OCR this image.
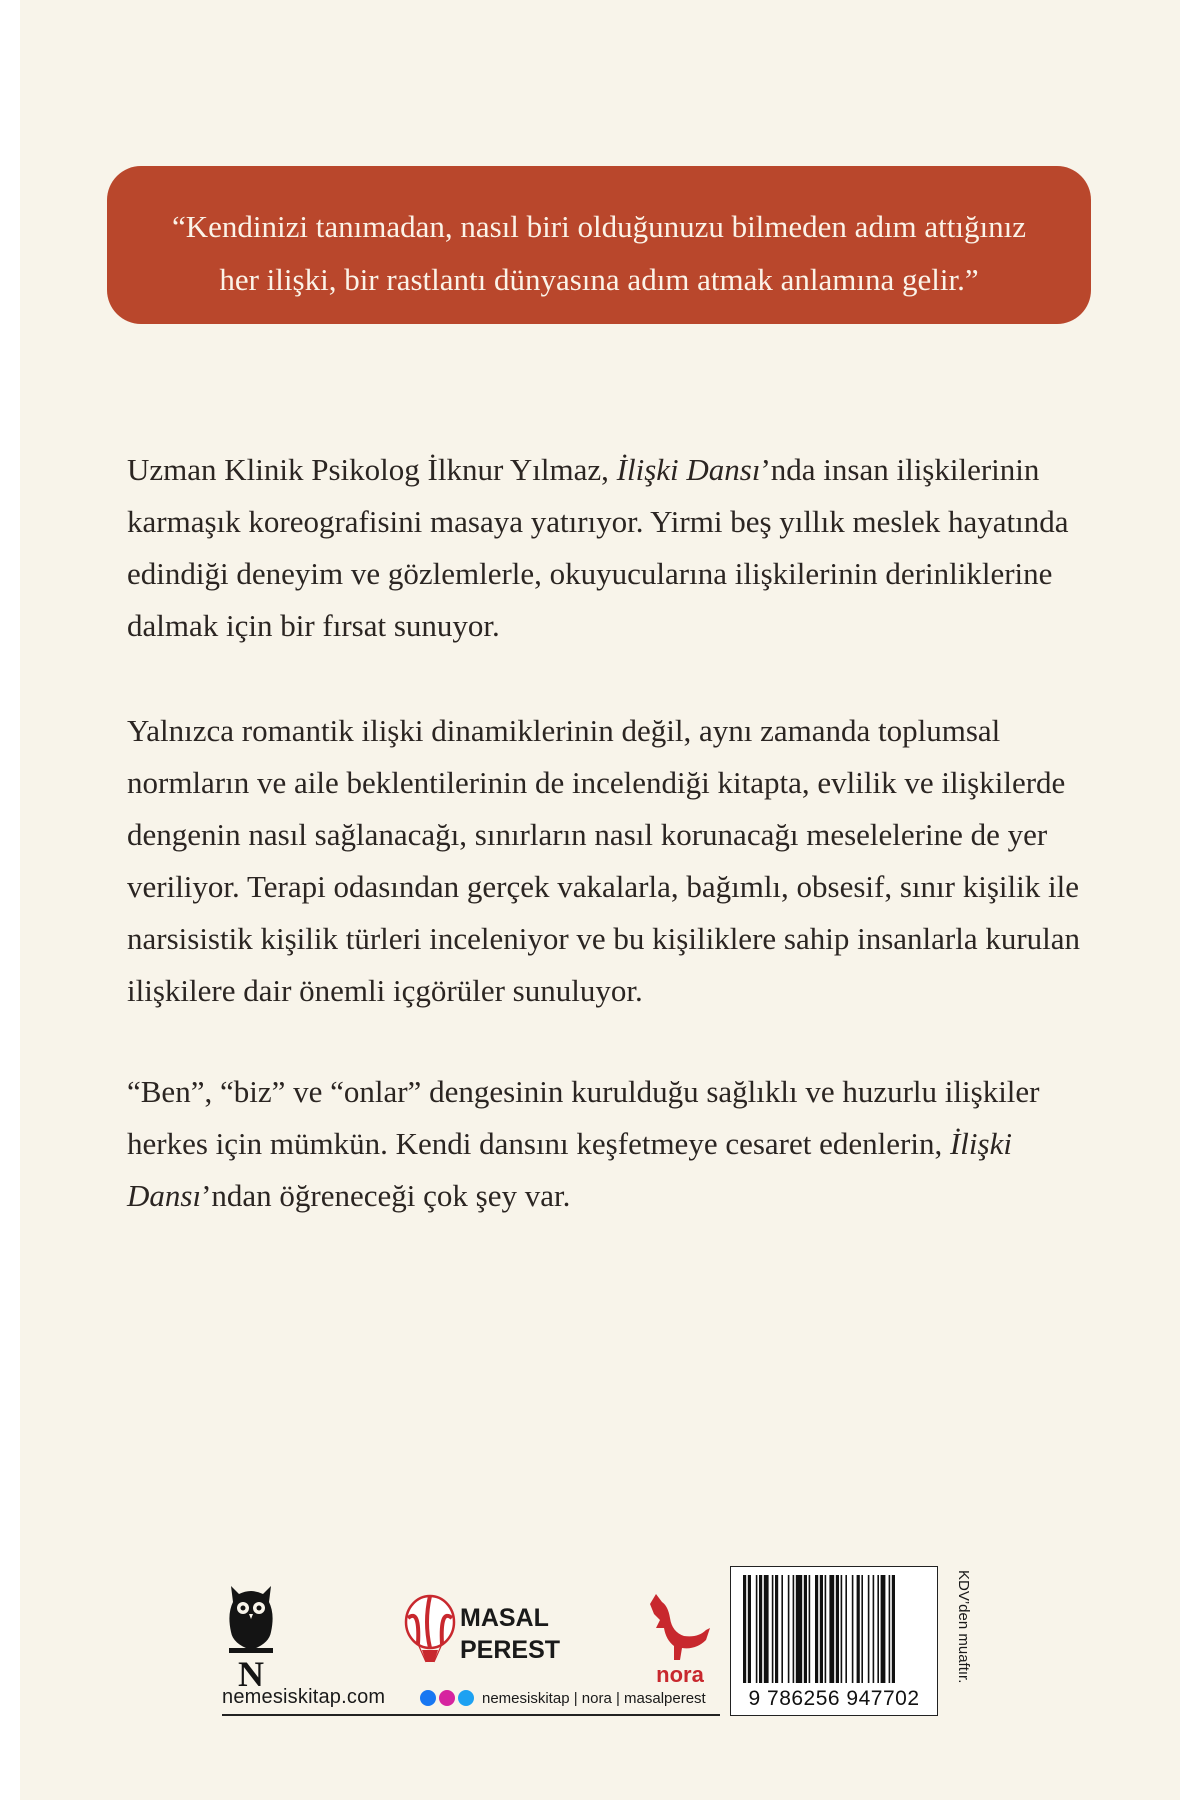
“Kendinizi tanımadan, nasıl biri olduğunuzu bilmeden adım attığınız

her ilişki, bir rastlantı dünyasına adım atmak anlamına gelir.”

Uzman Klinik Psikolog İlknur Yılmaz, İlişki Dansı’nda insan ilişkilerinin karmaşık koreografisini masaya yatırıyor. Yirmi beş yıllık meslek hayatında edindiği deneyim ve gözlemlerle, okuyucularına ilişkilerinin derinliklerine dalmak için bir fırsat sunuyor.

Yalnızca romantik ilişki dinamiklerinin değil, aynı zamanda toplumsal normların ve aile beklentilerinin de incelendiği kitapta, evlilik ve ilişkilerde dengenin nasıl sağlanacağı, sınırların nasıl korunacağı meselelerine de yer veriliyor. Terapi odasından gerçek vakalarla, bağımlı, obsesif, sınır kişilik ile narsisistik kişilik türleri inceleniyor ve bu kişiliklere sahip insanlarla kurulan ilişkilere dair önemli içgörüler sunuluyor.

“Ben”, “biz” ve “onlar” dengesinin kurulduğu sağlıklı ve huzurlu ilişkiler herkes için mümkün. Kendi dansını keşfetmeye cesaret edenlerin, İlişki Dansı’ndan öğreneceği çok şey var.

N
MASAL
PEREST
nora
nemesiskitap.com	nemesiskitap | nora | masalperest	9 786256 947702
KDV’den muaftır.
